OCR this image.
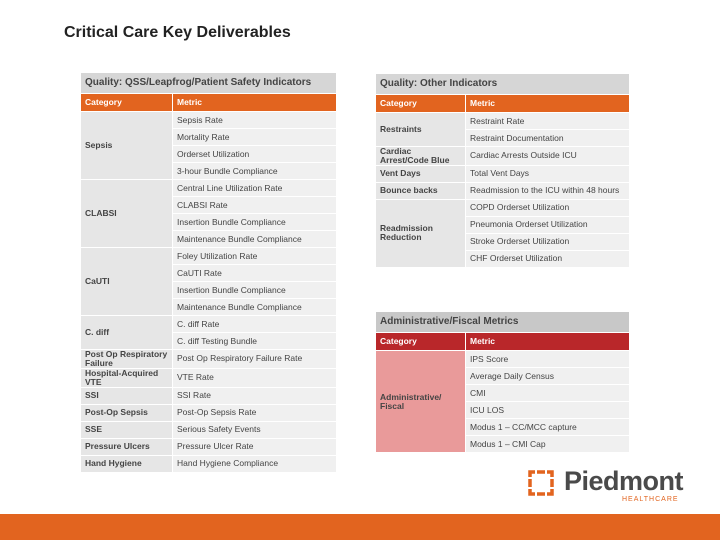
Critical Care Key Deliverables
Quality: QSS/Leapfrog/Patient Safety Indicators	
Category	Metric
Sepsis	Sepsis Rate
	Mortality Rate
	Orderset Utilization
	3-hour Bundle Compliance
CLABSI	Central Line Utilization Rate
	CLABSI Rate
	Insertion Bundle Compliance
	Maintenance Bundle Compliance
CaUTI	Foley Utilization Rate
	CaUTI Rate
	Insertion Bundle Compliance
	Maintenance Bundle Compliance
C. diff	C. diff Rate
	C. diff Testing Bundle
Post Op Respiratory Failure	Post Op Respiratory Failure Rate
Hospital-Acquired VTE	VTE Rate
SSI	SSI Rate
Post-Op Sepsis	Post-Op Sepsis Rate
SSE	Serious Safety Events
Pressure Ulcers	Pressure Ulcer Rate
Hand Hygiene	Hand Hygiene Compliance
Quality: Other Indicators	
Category	Metric
Restraints	Restraint Rate
	Restraint Documentation
Cardiac Arrest/Code Blue	Cardiac Arrests Outside ICU
Vent Days	Total Vent Days
Bounce backs	Readmission to the ICU within 48 hours
Readmission Reduction	COPD Orderset Utilization
	Pneumonia Orderset Utilization
	Stroke Orderset Utilization
	CHF Orderset Utilization
Administrative/Fiscal Metrics	
Category	Metric
Administrative/ Fiscal	IPS Score
	Average Daily Census
	CMI
	ICU LOS
	Modus 1 – CC/MCC capture
	Modus 1 – CMI Cap
Piedmont
HEALTHCARE
